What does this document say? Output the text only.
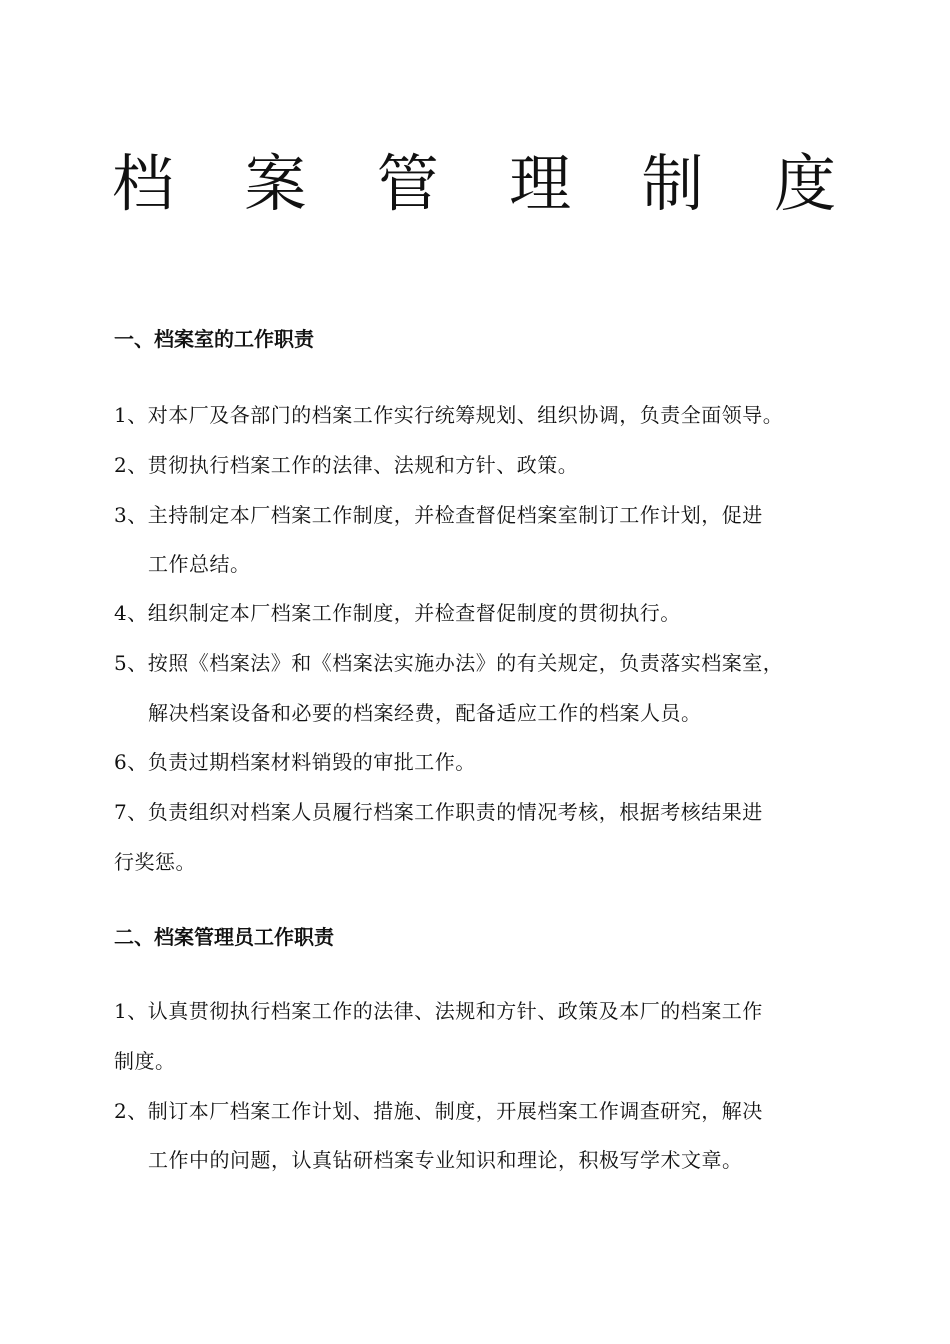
档 案 管 理 制 度
一、档案室的工作职责
1、对本厂及各部门的档案工作实行统筹规划、组织协调，负责全面领导。
2、贯彻执行档案工作的法律、法规和方针、政策。
3、主持制定本厂档案工作制度，并检查督促档案室制订工作计划，促进
工作总结。
4、组织制定本厂档案工作制度，并检查督促制度的贯彻执行。
5、按照《档案法》和《档案法实施办法》的有关规定，负责落实档案室，
解决档案设备和必要的档案经费，配备适应工作的档案人员。
6、负责过期档案材料销毁的审批工作。
7、负责组织对档案人员履行档案工作职责的情况考核，根据考核结果进
行奖惩。
二、档案管理员工作职责
1、认真贯彻执行档案工作的法律、法规和方针、政策及本厂的档案工作
制度。
2、制订本厂档案工作计划、措施、制度，开展档案工作调查研究，解决
工作中的问题，认真钻研档案专业知识和理论，积极写学术文章。
